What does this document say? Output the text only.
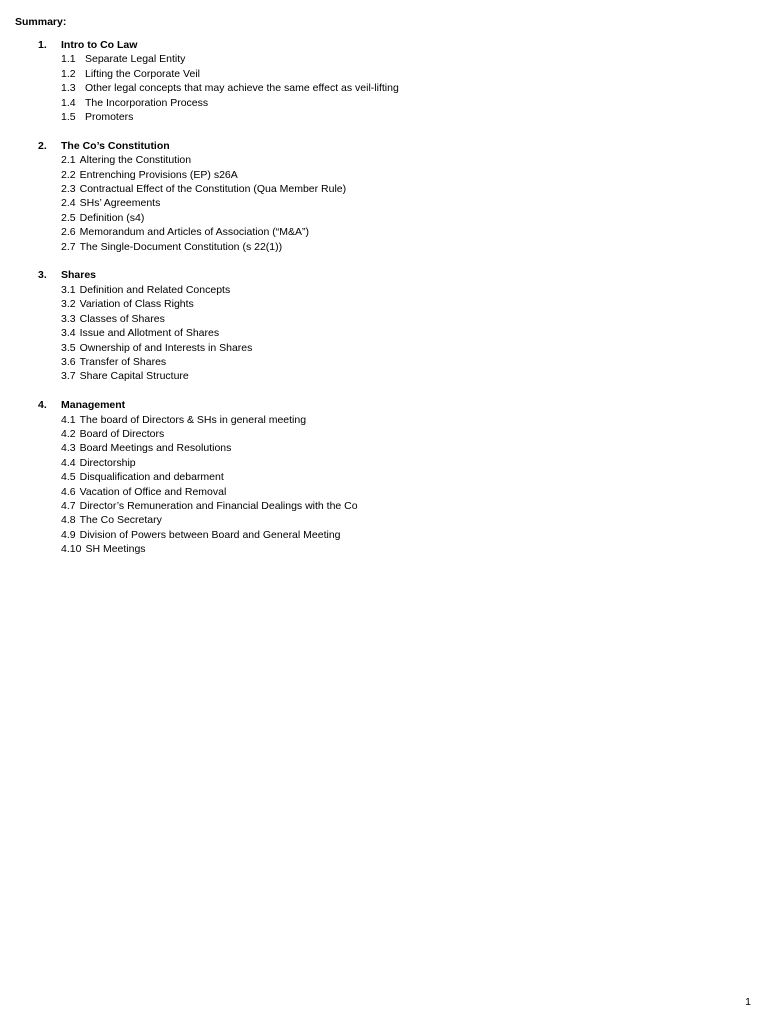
Summary:
1.	Intro to Co Law
1.1 Separate Legal Entity
1.2 Lifting the Corporate Veil
1.3 Other legal concepts that may achieve the same effect as veil-lifting
1.4 The Incorporation Process
1.5 Promoters
2.	The Co’s Constitution
2.1 Altering the Constitution
2.2 Entrenching Provisions (EP) s26A
2.3 Contractual Effect of the Constitution (Qua Member Rule)
2.4 SHs’ Agreements
2.5 Definition (s4)
2.6 Memorandum and Articles of Association (“M&A”)
2.7 The Single-Document Constitution (s 22(1))
3.	Shares
3.1 Definition and Related Concepts
3.2 Variation of Class Rights
3.3 Classes of Shares
3.4 Issue and Allotment of Shares
3.5 Ownership of and Interests in Shares
3.6 Transfer of Shares
3.7 Share Capital Structure
4.	Management
4.1 The board of Directors & SHs in general meeting
4.2 Board of Directors
4.3 Board Meetings and Resolutions
4.4 Directorship
4.5 Disqualification and debarment
4.6 Vacation of Office and Removal
4.7 Director’s Remuneration and Financial Dealings with the Co
4.8 The Co Secretary
4.9 Division of Powers between Board and General Meeting
4.10 SH Meetings
1
